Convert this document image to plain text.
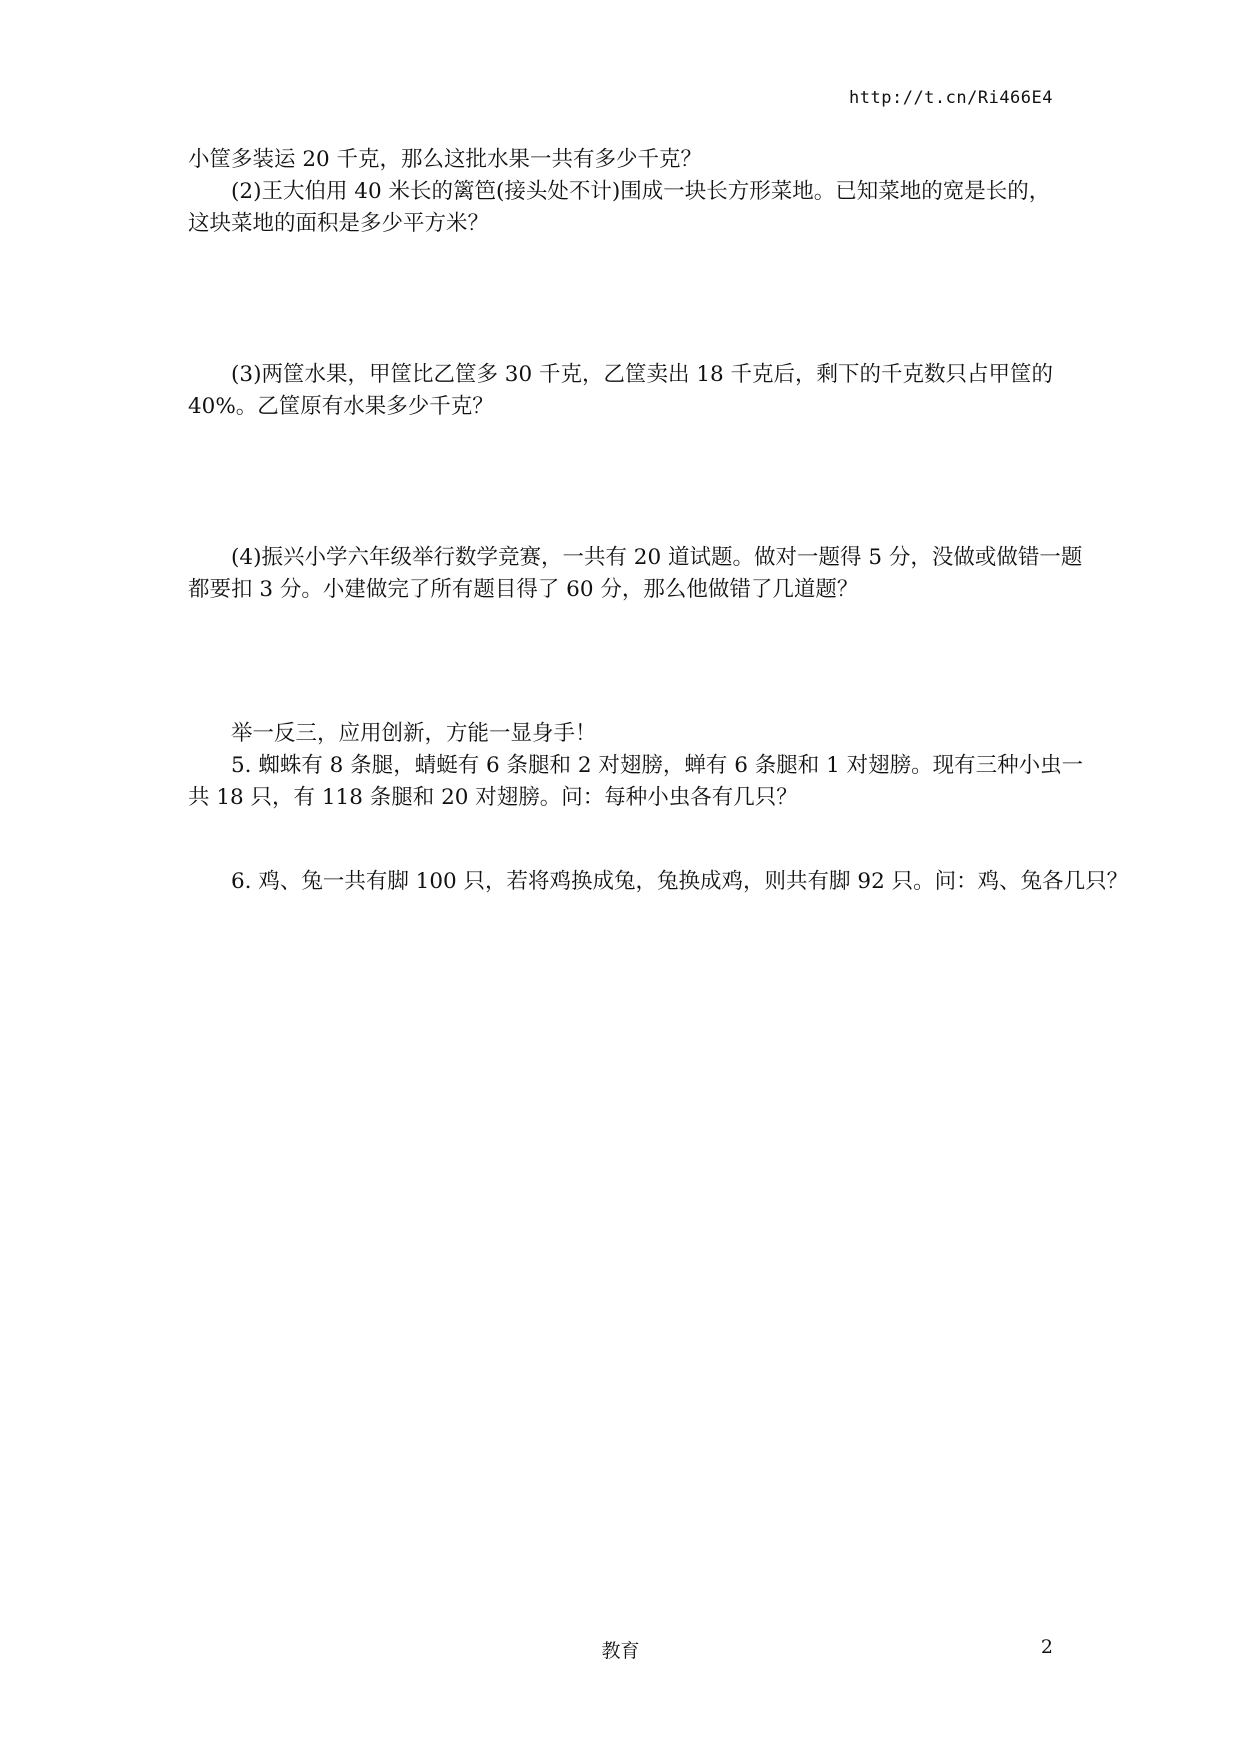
http://t.cn/Ri466E4

小筐多装运 20 千克，那么这批水果一共有多少千克？

(2)王大伯用 40 米长的篱笆(接头处不计)围成一块长方形菜地。已知菜地的宽是长的，

这块菜地的面积是多少平方米？

(3)两筐水果，甲筐比乙筐多 30 千克，乙筐卖出 18 千克后，剩下的千克数只占甲筐的

40%。乙筐原有水果多少千克？

(4)振兴小学六年级举行数学竞赛，一共有 20 道试题。做对一题得 5 分，没做或做错一题

都要扣 3 分。小建做完了所有题目得了 60 分，那么他做错了几道题？

举一反三，应用创新，方能一显身手！

5. 蜘蛛有 8 条腿，蜻蜓有 6 条腿和 2 对翅膀，蝉有 6 条腿和 1 对翅膀。现有三种小虫一

共 18 只，有 118 条腿和 20 对翅膀。问：每种小虫各有几只？

6. 鸡、兔一共有脚 100 只，若将鸡换成兔，兔换成鸡，则共有脚 92 只。问：鸡、兔各几只？

教育	2
